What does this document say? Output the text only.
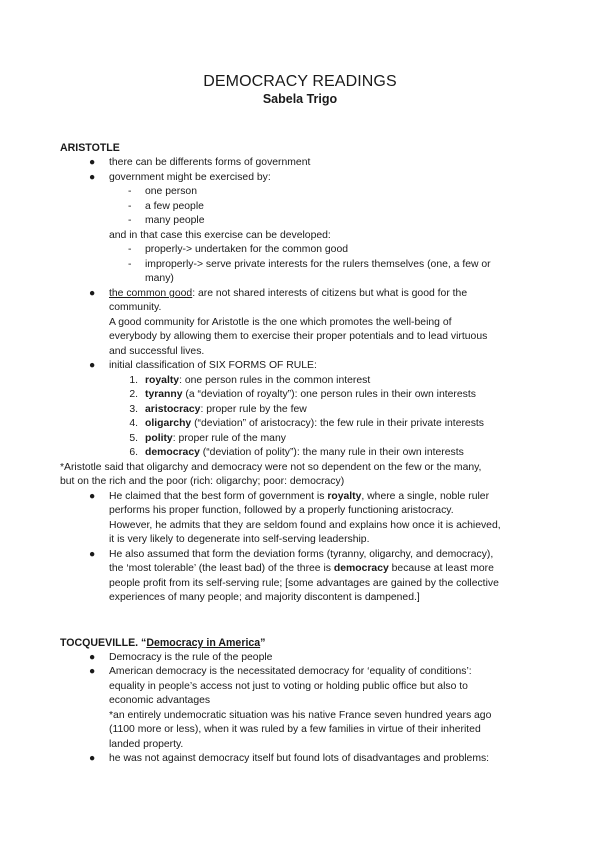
DEMOCRACY READINGS
Sabela Trigo
ARISTOTLE
● there can be differents forms of government
● government might be exercised by:
- one person
- a few people
- many people
and in that case this exercise can be developed:
- properly-> undertaken for the common good
- improperly-> serve private interests for the rulers themselves (one, a few or
many)
● the common good: are not shared interests of citizens but what is good for the
community.
A good community for Aristotle is the one which promotes the well-being of
everybody by allowing them to exercise their proper potentials and to lead virtuous
and successful lives.
● initial classification of SIX FORMS OF RULE:
1. royalty: one person rules in the common interest
2. tyranny (a “deviation of royalty”): one person rules in their own interests
3. aristocracy: proper rule by the few
4. oligarchy (“deviation” of aristocracy): the few rule in their private interests
5. polity: proper rule of the many
6. democracy (“deviation of polity”): the many rule in their own interests
*Aristotle said that oligarchy and democracy were not so dependent on the few or the many,
but on the rich and the poor (rich: oligarchy; poor: democracy)
● He claimed that the best form of government is royalty, where a single, noble ruler
performs his proper function, followed by a properly functioning aristocracy.
However, he admits that they are seldom found and explains how once it is achieved,
it is very likely to degenerate into self-serving leadership.
● He also assumed that form the deviation forms (tyranny, oligarchy, and democracy),
the ‘most tolerable’ (the least bad) of the three is democracy because at least more
people profit from its self-serving rule; [some advantages are gained by the collective
experiences of many people; and majority discontent is dampened.]
TOCQUEVILLE. “Democracy in America”
● Democracy is the rule of the people
● American democracy is the necessitated democracy for ‘equality of conditions’:
equality in people’s access not just to voting or holding public office but also to
economic advantages
*an entirely undemocratic situation was his native France seven hundred years ago
(1100 more or less), when it was ruled by a few families in virtue of their inherited
landed property.
● he was not against democracy itself but found lots of disadvantages and problems:
